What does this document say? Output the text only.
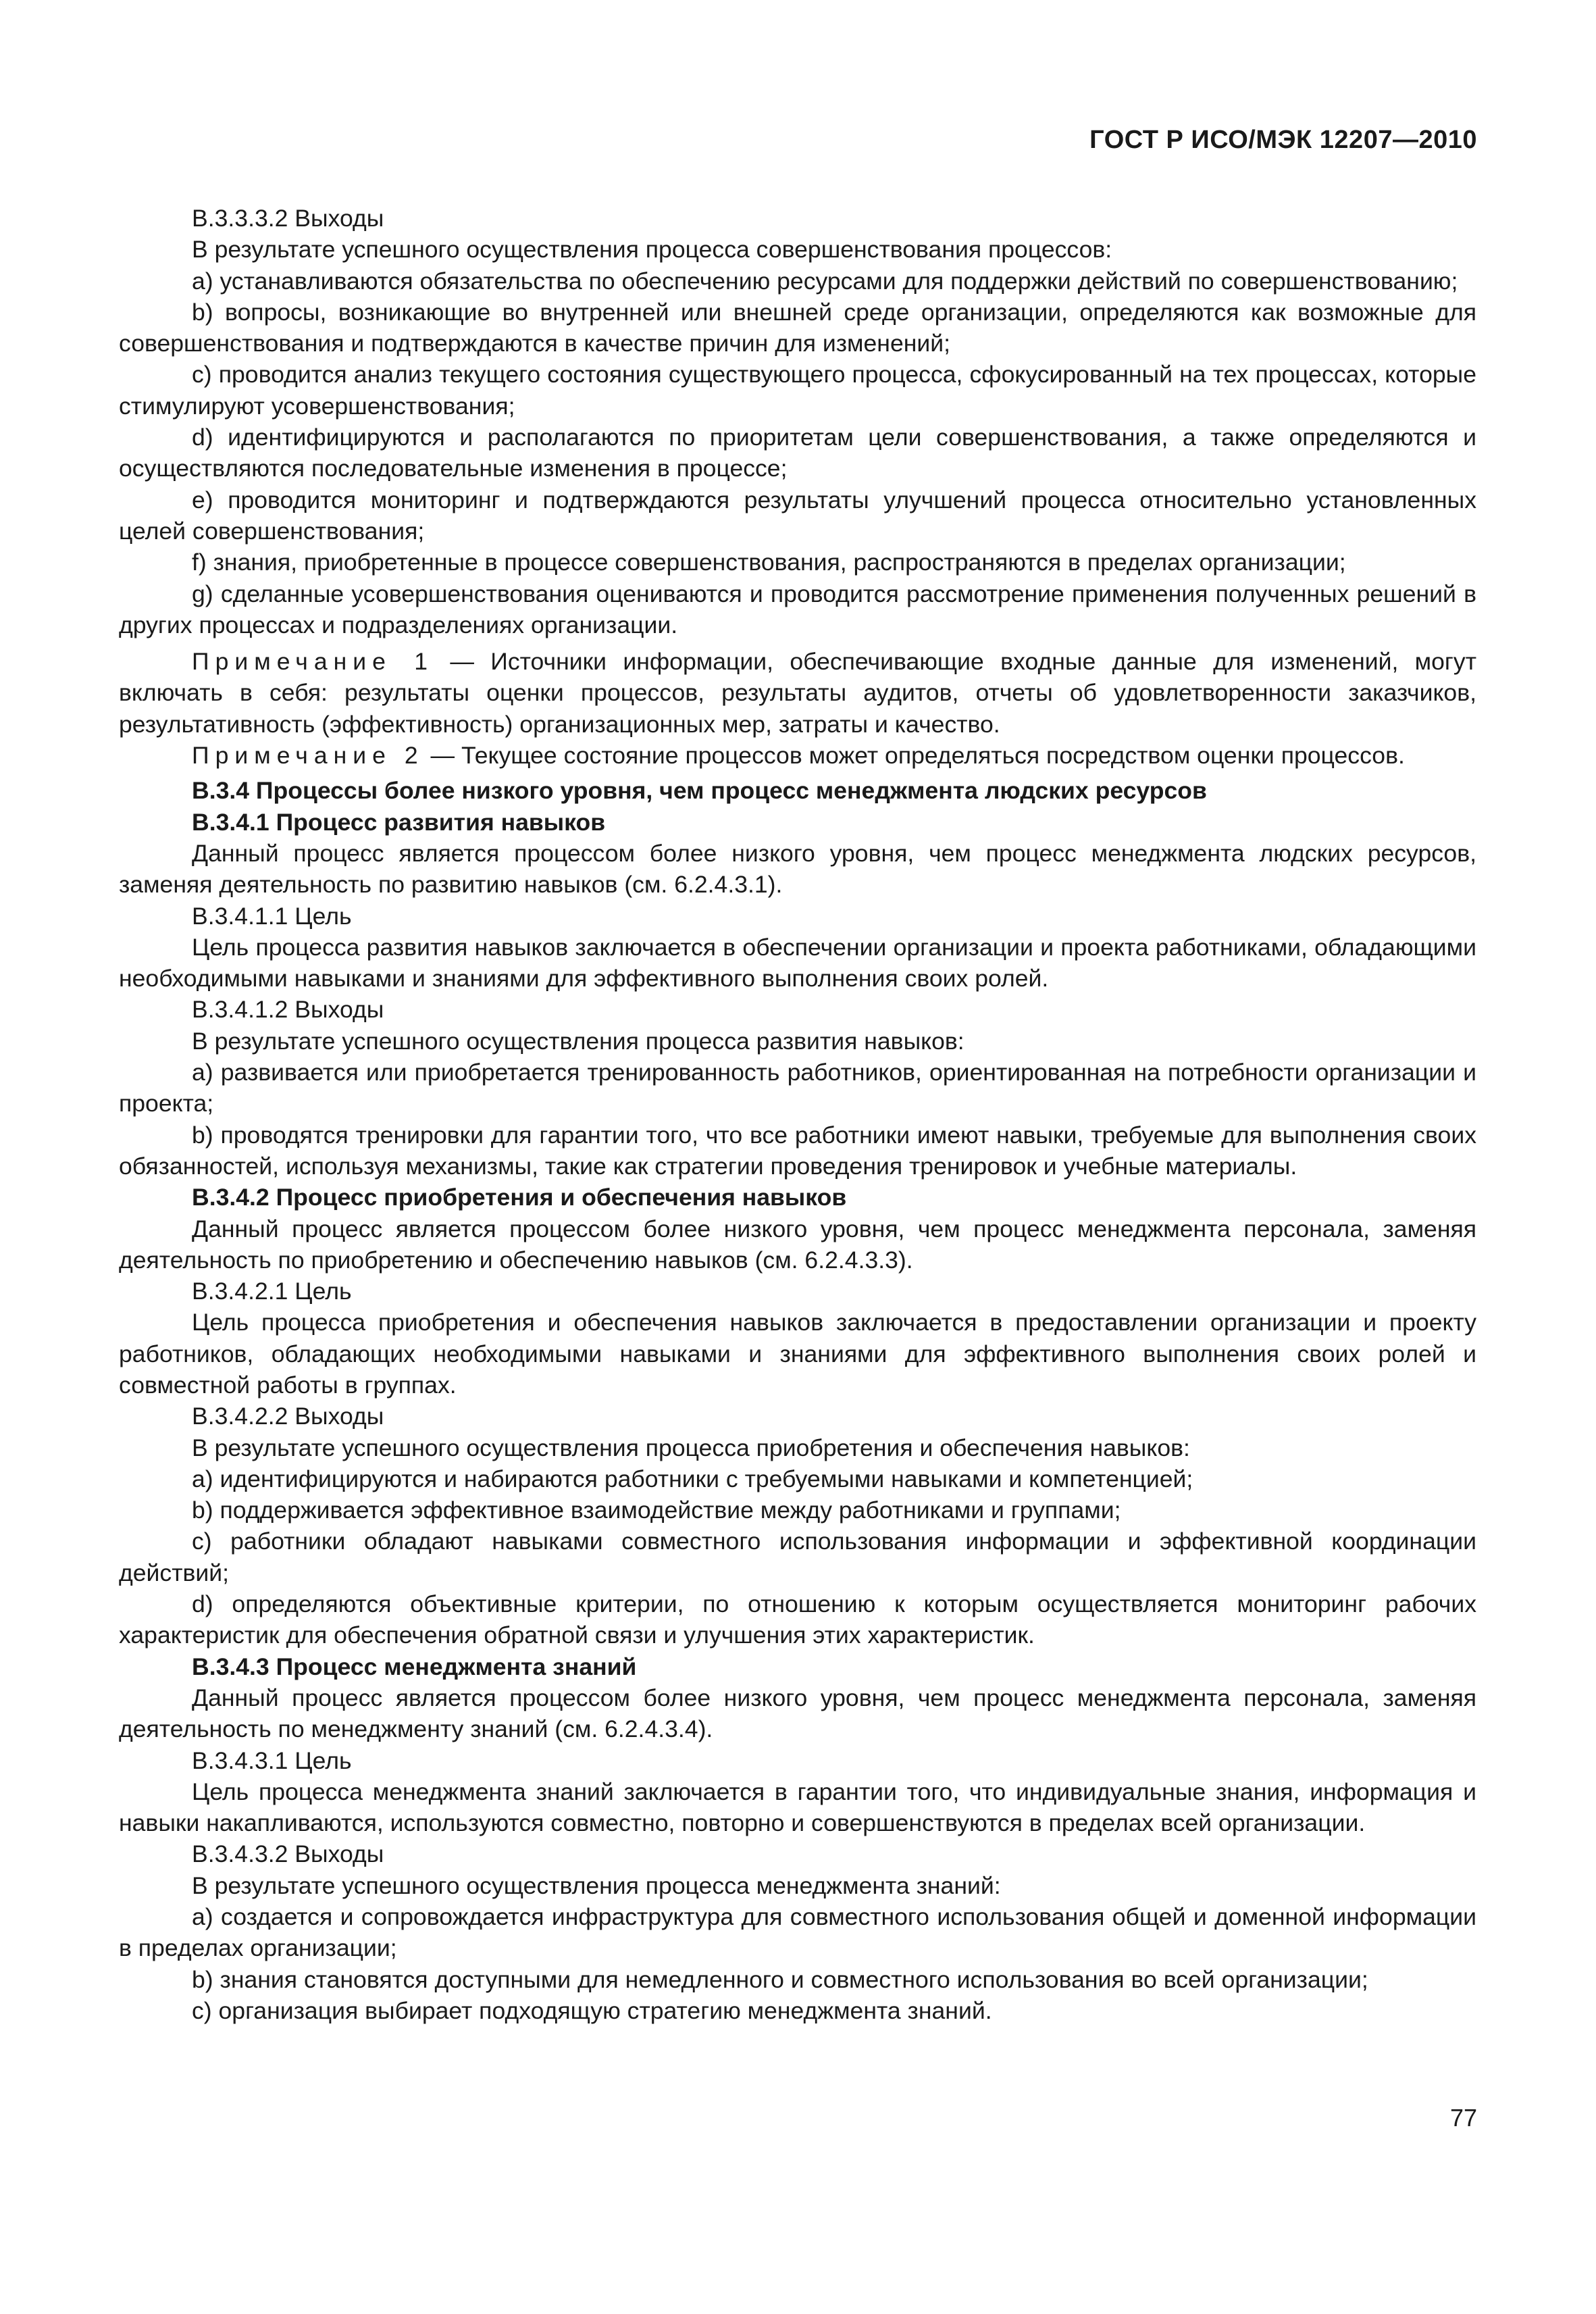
ГОСТ Р ИСО/МЭК 12207—2010

B.3.3.3.2 Выходы

В результате успешного осуществления процесса совершенствования процессов:

a) устанавливаются обязательства по обеспечению ресурсами для поддержки действий по совершенствованию;

b) вопросы, возникающие во внутренней или внешней среде организации, определяются как возможные для совершенствования и подтверждаются в качестве причин для изменений;

c) проводится анализ текущего состояния существующего процесса, сфокусированный на тех процессах, которые стимулируют усовершенствования;

d) идентифицируются и располагаются по приоритетам цели совершенствования, а также определяются и осуществляются последовательные изменения в процессе;

e) проводится мониторинг и подтверждаются результаты улучшений процесса относительно установленных целей совершенствования;

f) знания, приобретенные в процессе совершенствования, распространяются в пределах организации;

g) сделанные усовершенствования оцениваются и проводится рассмотрение применения полученных решений в других процессах и подразделениях организации.

Примечание 1 — Источники информации, обеспечивающие входные данные для изменений, могут включать в себя: результаты оценки процессов, результаты аудитов, отчеты об удовлетворенности заказчиков, результативность (эффективность) организационных мер, затраты и качество.

Примечание 2 — Текущее состояние процессов может определяться посредством оценки процессов.

B.3.4 Процессы более низкого уровня, чем процесс менеджмента людских ресурсов

B.3.4.1 Процесс развития навыков

Данный процесс является процессом более низкого уровня, чем процесс менеджмента людских ресурсов, заменяя деятельность по развитию навыков (см. 6.2.4.3.1).

B.3.4.1.1 Цель

Цель процесса развития навыков заключается в обеспечении организации и проекта работниками, обладающими необходимыми навыками и знаниями для эффективного выполнения своих ролей.

B.3.4.1.2 Выходы

В результате успешного осуществления процесса развития навыков:

a) развивается или приобретается тренированность работников, ориентированная на потребности организации и проекта;

b) проводятся тренировки для гарантии того, что все работники имеют навыки, требуемые для выполнения своих обязанностей, используя механизмы, такие как стратегии проведения тренировок и учебные материалы.

B.3.4.2 Процесс приобретения и обеспечения навыков

Данный процесс является процессом более низкого уровня, чем процесс менеджмента персонала, заменяя деятельность по приобретению и обеспечению навыков (см. 6.2.4.3.3).

B.3.4.2.1 Цель

Цель процесса приобретения и обеспечения навыков заключается в предоставлении организации и проекту работников, обладающих необходимыми навыками и знаниями для эффективного выполнения своих ролей и совместной работы в группах.

B.3.4.2.2 Выходы

В результате успешного осуществления процесса приобретения и обеспечения навыков:

a) идентифицируются и набираются работники с требуемыми навыками и компетенцией;

b) поддерживается эффективное взаимодействие между работниками и группами;

c) работники обладают навыками совместного использования информации и эффективной координации действий;

d) определяются объективные критерии, по отношению к которым осуществляется мониторинг рабочих характеристик для обеспечения обратной связи и улучшения этих характеристик.

B.3.4.3 Процесс менеджмента знаний

Данный процесс является процессом более низкого уровня, чем процесс менеджмента персонала, заменяя деятельность по менеджменту знаний (см. 6.2.4.3.4).

B.3.4.3.1 Цель

Цель процесса менеджмента знаний заключается в гарантии того, что индивидуальные знания, информация и навыки накапливаются, используются совместно, повторно и совершенствуются в пределах всей организации.

B.3.4.3.2 Выходы

В результате успешного осуществления процесса менеджмента знаний:

a) создается и сопровождается инфраструктура для совместного использования общей и доменной информации в пределах организации;

b) знания становятся доступными для немедленного и совместного использования во всей организации;

c) организация выбирает подходящую стратегию менеджмента знаний.

77
